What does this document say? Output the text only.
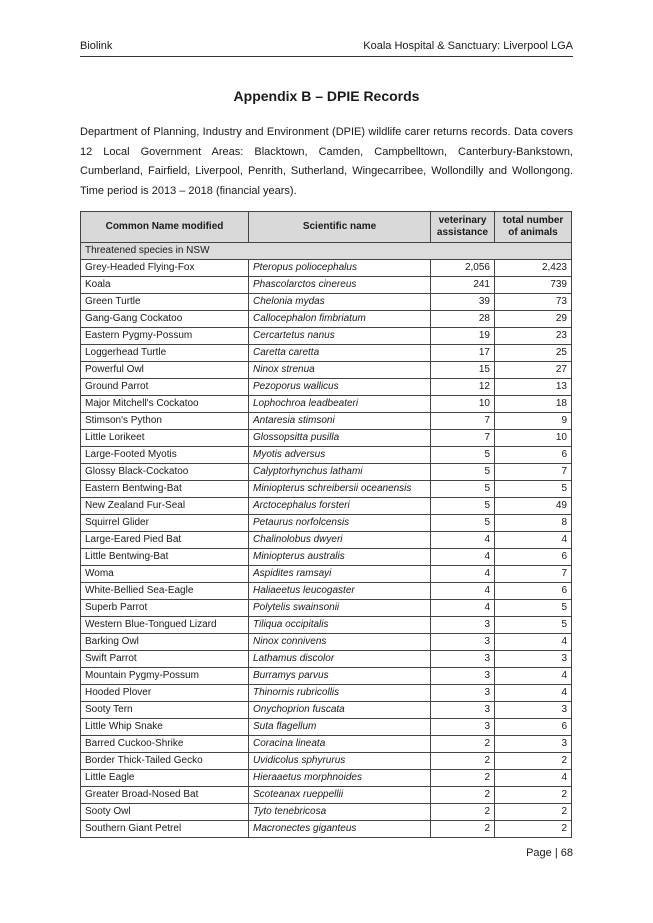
Biolink	Koala Hospital & Sanctuary: Liverpool LGA
Appendix B – DPIE Records
Department of Planning, Industry and Environment (DPIE) wildlife carer returns records. Data covers 12 Local Government Areas: Blacktown, Camden, Campbelltown, Canterbury-Bankstown, Cumberland, Fairfield, Liverpool, Penrith, Sutherland, Wingecarribee, Wollondilly and Wollongong. Time period is 2013 – 2018 (financial years).
Common Name modified	Scientific name	veterinary assistance	total number of animals
Threatened species in NSW			
Grey-Headed Flying-Fox	Pteropus poliocephalus	2,056	2,423
Koala	Phascolarctos cinereus	241	739
Green Turtle	Chelonia mydas	39	73
Gang-Gang Cockatoo	Callocephalon fimbriatum	28	29
Eastern Pygmy-Possum	Cercartetus nanus	19	23
Loggerhead Turtle	Caretta caretta	17	25
Powerful Owl	Ninox strenua	15	27
Ground Parrot	Pezoporus wallicus	12	13
Major Mitchell's Cockatoo	Lophochroa leadbeateri	10	18
Stimson's Python	Antaresia stimsoni	7	9
Little Lorikeet	Glossopsitta pusilla	7	10
Large-Footed Myotis	Myotis adversus	5	6
Glossy Black-Cockatoo	Calyptorhynchus lathami	5	7
Eastern Bentwing-Bat	Miniopterus schreibersii oceanensis	5	5
New Zealand Fur-Seal	Arctocephalus forsteri	5	49
Squirrel Glider	Petaurus norfolcensis	5	8
Large-Eared Pied Bat	Chalinolobus dwyeri	4	4
Little Bentwing-Bat	Miniopterus australis	4	6
Woma	Aspidites ramsayi	4	7
White-Bellied Sea-Eagle	Haliaeetus leucogaster	4	6
Superb Parrot	Polytelis swainsonii	4	5
Western Blue-Tongued Lizard	Tiliqua occipitalis	3	5
Barking Owl	Ninox connivens	3	4
Swift Parrot	Lathamus discolor	3	3
Mountain Pygmy-Possum	Burramys parvus	3	4
Hooded Plover	Thinornis rubricollis	3	4
Sooty Tern	Onychoprion fuscata	3	3
Little Whip Snake	Suta flagellum	3	6
Barred Cuckoo-Shrike	Coracina lineata	2	3
Border Thick-Tailed Gecko	Uvidicolus sphyrurus	2	2
Little Eagle	Hieraaetus morphnoides	2	4
Greater Broad-Nosed Bat	Scoteanax rueppellii	2	2
Sooty Owl	Tyto tenebricosa	2	2
Southern Giant Petrel	Macronectes giganteus	2	2
Page | 68
